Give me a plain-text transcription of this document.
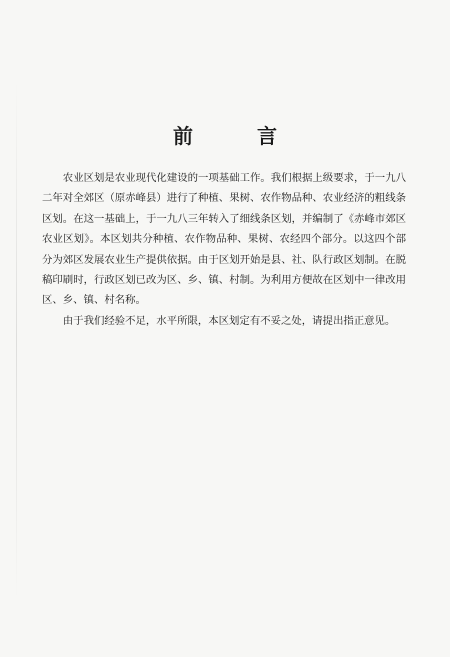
前	言

农业区划是农业现代化建设的一项基础工作。我们根据上级要求，于一九八二年对全郊区（原赤峰县）进行了种植、果树、农作物品种、农业经济的粗线条区划。在这一基础上，于一九八三年转入了细线条区划，并编制了《赤峰市郊区农业区划》。本区划共分种植、农作物品种、果树、农经四个部分。以这四个部分为郊区发展农业生产提供依据。由于区划开始是县、社、队行政区划制。在脱稿印刷时，行政区划已改为区、乡、镇、村制。为利用方便故在区划中一律改用区、乡、镇、村名称。

由于我们经验不足，水平所限，本区划定有不妥之处，请提出指正意见。
